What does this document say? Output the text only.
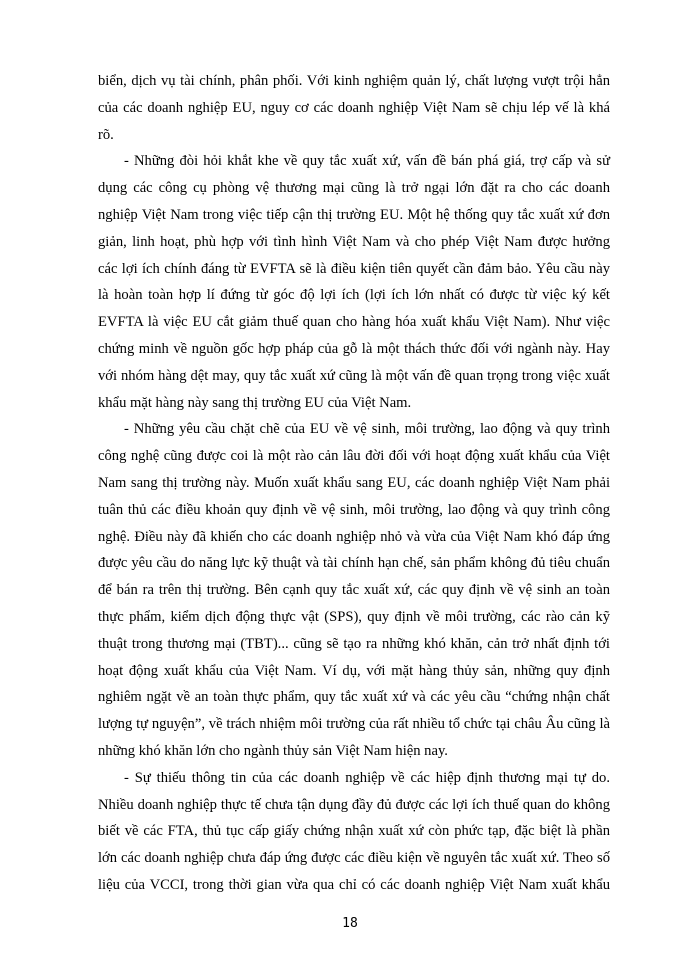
biển, dịch vụ tài chính, phân phối. Với kinh nghiệm quản lý, chất lượng vượt trội hẳn
của các doanh nghiệp EU, nguy cơ các doanh nghiệp Việt Nam sẽ chịu lép vế là khá
rõ.
- Những đòi hỏi khắt khe về quy tắc xuất xứ, vấn đề bán phá giá, trợ cấp và sử
dụng các công cụ phòng vệ thương mại cũng là trở ngại lớn đặt ra cho các doanh
nghiệp Việt Nam trong việc tiếp cận thị trường EU. Một hệ thống quy tắc xuất xứ đơn
giản, linh hoạt, phù hợp với tình hình Việt Nam và cho phép Việt Nam được hưởng
các lợi ích chính đáng từ EVFTA sẽ là điều kiện tiên quyết cần đảm bảo. Yêu cầu này
là hoàn toàn hợp lí đứng từ góc độ lợi ích (lợi ích lớn nhất có được từ việc ký kết
EVFTA là việc EU cắt giảm thuế quan cho hàng hóa xuất khẩu Việt Nam). Như việc
chứng minh về nguồn gốc hợp pháp của gỗ là một thách thức đối với ngành này. Hay
với nhóm hàng dệt may, quy tắc xuất xứ cũng là một vấn đề quan trọng trong việc xuất
khẩu mặt hàng này sang thị trường EU của Việt Nam.
- Những yêu cầu chặt chẽ của EU về vệ sinh, môi trường, lao động và quy trình
công nghệ cũng được coi là một rào cản lâu đời đối với hoạt động xuất khẩu của Việt
Nam sang thị trường này. Muốn xuất khẩu sang EU, các doanh nghiệp Việt Nam phải
tuân thủ các điều khoản quy định về vệ sinh, môi trường, lao động và quy trình công
nghệ. Điều này đã khiến cho các doanh nghiệp nhỏ và vừa của Việt Nam khó đáp ứng
được yêu cầu do năng lực kỹ thuật và tài chính hạn chế, sản phẩm không đủ tiêu chuẩn
để bán ra trên thị trường. Bên cạnh quy tắc xuất xứ, các quy định về vệ sinh an toàn
thực phẩm, kiểm dịch động thực vật (SPS), quy định về môi trường, các rào cản kỹ
thuật trong thương mại (TBT)... cũng sẽ tạo ra những khó khăn, cản trở nhất định tới
hoạt động xuất khẩu của Việt Nam. Ví dụ, với mặt hàng thủy sản, những quy định
nghiêm ngặt về an toàn thực phẩm, quy tắc xuất xứ và các yêu cầu “chứng nhận chất
lượng tự nguyện”, về trách nhiệm môi trường của rất nhiều tổ chức tại châu Âu cũng là
những khó khăn lớn cho ngành thủy sản Việt Nam hiện nay.
- Sự thiếu thông tin của các doanh nghiệp về các hiệp định thương mại tự do.
Nhiều doanh nghiệp thực tế chưa tận dụng đầy đủ được các lợi ích thuế quan do không
biết về các FTA, thủ tục cấp giấy chứng nhận xuất xứ còn phức tạp, đặc biệt là phần
lớn các doanh nghiệp chưa đáp ứng được các điều kiện về nguyên tắc xuất xứ. Theo số
liệu của VCCI, trong thời gian vừa qua chỉ có các doanh nghiệp Việt Nam xuất khẩu
18
